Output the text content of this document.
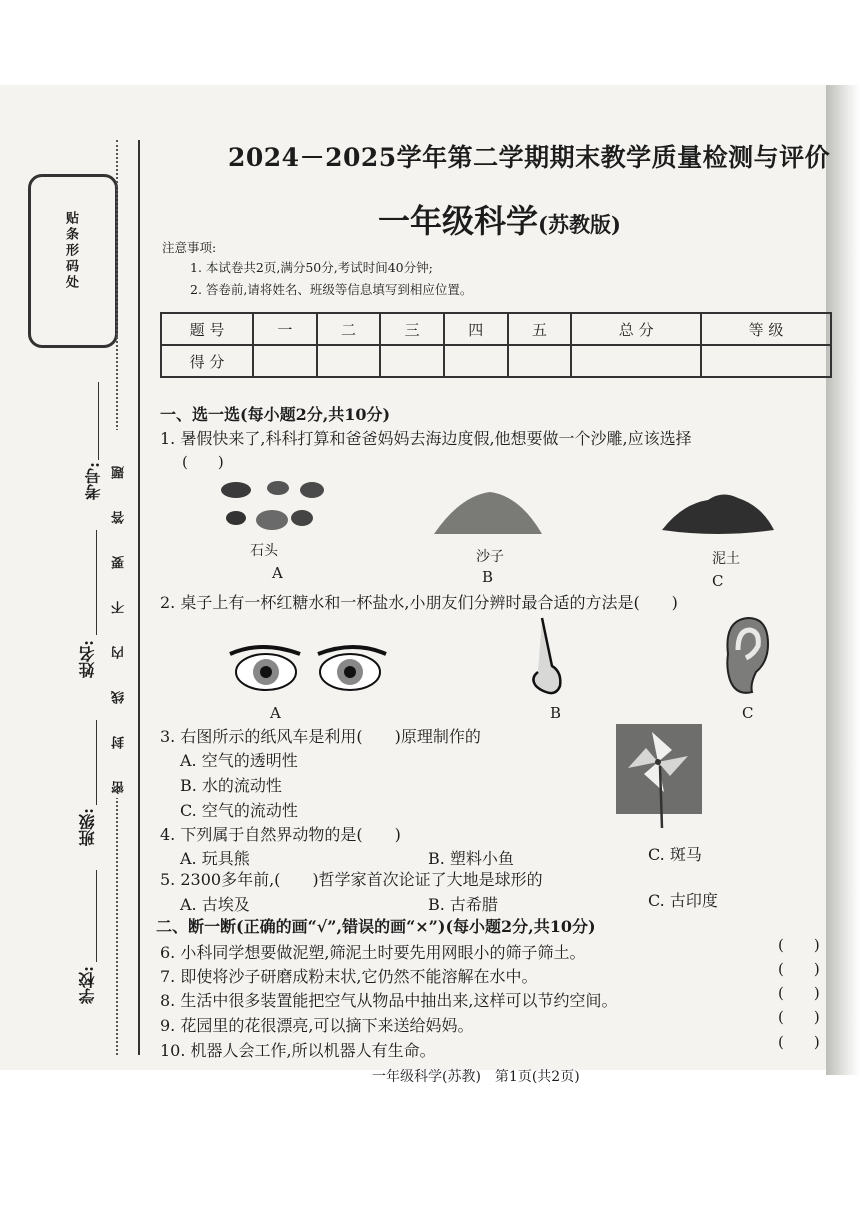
贴条形码处
考号:
姓名:
班级:
学校:
密封线内不要答题
2024－2025学年第二学期期末教学质量检测与评价
一年级科学(苏教版)
注意事项:
1. 本试卷共2页,满分50分,考试时间40分钟;
2. 答卷前,请将姓名、班级等信息填写到相应位置。
题 号	一	二	三	四	五	总 分	等 级
得 分							
一、选一选(每小题2分,共10分)
1. 暑假快来了,科科打算和爸爸妈妈去海边度假,他想要做一个沙雕,应该选择
(　　)
石头
A
沙子
B
泥土
C
2. 桌子上有一杯红糖水和一杯盐水,小朋友们分辨时最合适的方法是(　　)
A	B	C
3. 右图所示的纸风车是利用(　　)原理制作的
A. 空气的透明性
B. 水的流动性
C. 空气的流动性
4. 下列属于自然界动物的是(　　)
A. 玩具熊	B. 塑料小鱼	C. 斑马
5. 2300多年前,(　　)哲学家首次论证了大地是球形的
A. 古埃及	B. 古希腊	C. 古印度
二、断一断(正确的画“√”,错误的画“×”)(每小题2分,共10分)
6. 小科同学想要做泥塑,筛泥土时要先用网眼小的筛子筛土。	(　　)
7. 即使将沙子研磨成粉末状,它仍然不能溶解在水中。	(　　)
8. 生活中很多装置能把空气从物品中抽出来,这样可以节约空间。	(　　)
9. 花园里的花很漂亮,可以摘下来送给妈妈。	(　　)
10. 机器人会工作,所以机器人有生命。	(　　)
一年级科学(苏教)　第1页(共2页)
